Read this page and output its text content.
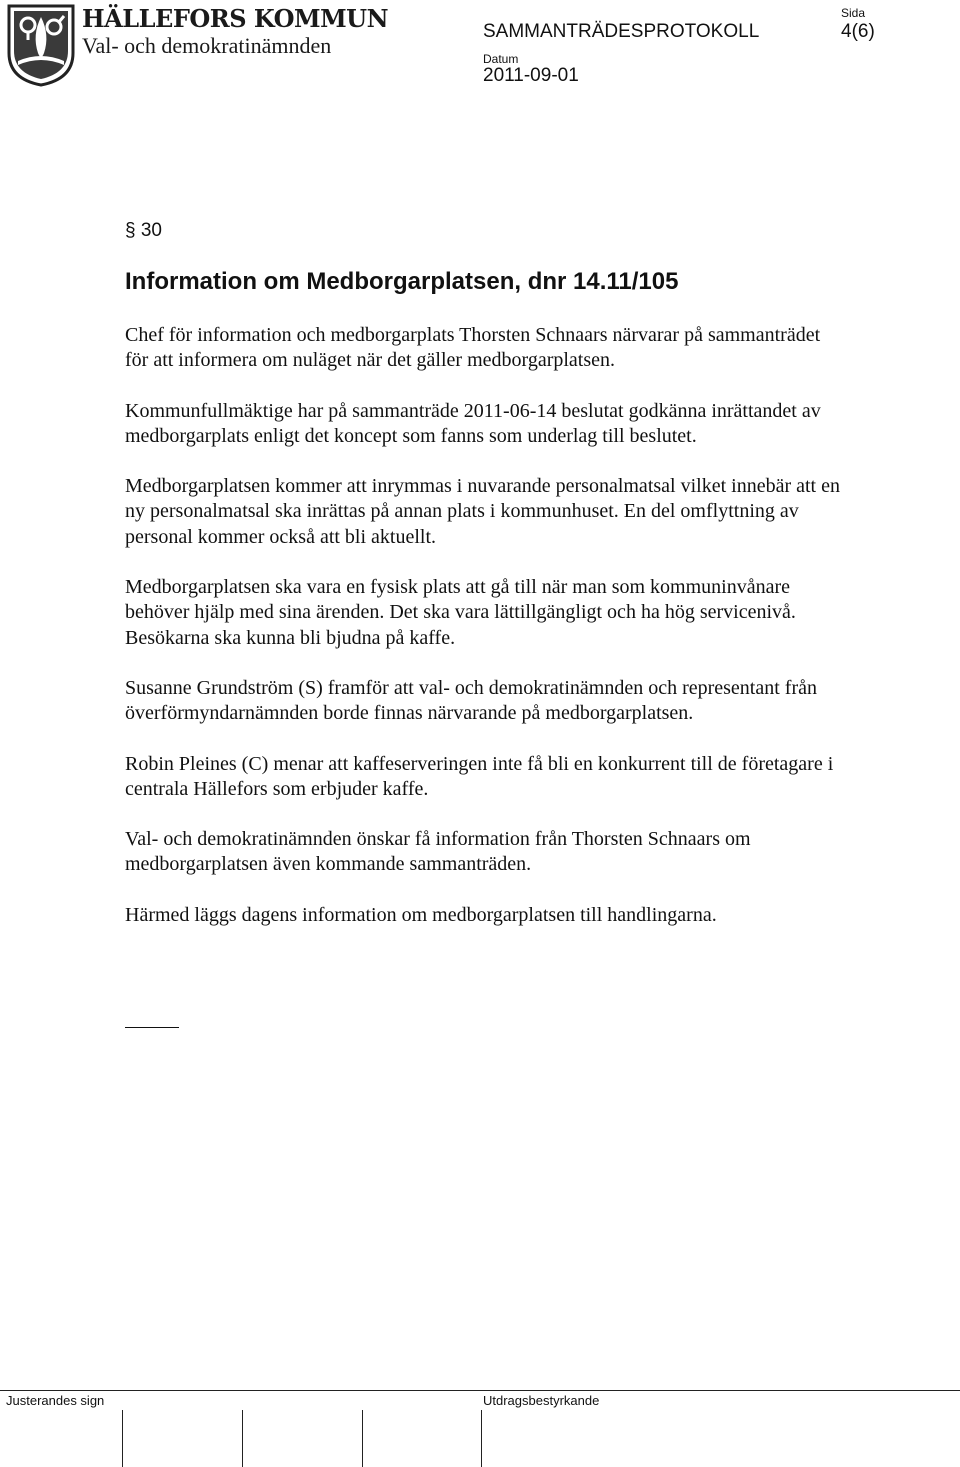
HÄLLEFORS KOMMUN
Val- och demokratinämnden
SAMMANTRÄDESPROTOKOLL
Datum
2011-09-01
Sida
4(6)
§ 30
Information om Medborgarplatsen, dnr 14.11/105

Chef för information och medborgarplats Thorsten Schnaars närvarar på sammanträdet för att informera om nuläget när det gäller medborgarplatsen.

Kommunfullmäktige har på sammanträde 2011-06-14 beslutat godkänna inrättandet av medborgarplats enligt det koncept som fanns som underlag till beslutet.

Medborgarplatsen kommer att inrymmas i nuvarande personalmatsal vilket innebär att en ny personalmatsal ska inrättas på annan plats i kommunhuset. En del omflyttning av personal kommer också att bli aktuellt.

Medborgarplatsen ska vara en fysisk plats att gå till när man som kommuninvånare behöver hjälp med sina ärenden. Det ska vara lättillgängligt och ha hög servicenivå. Besökarna ska kunna bli bjudna på kaffe.

Susanne Grundström (S) framför att val- och demokratinämnden och representant från överförmyndarnämnden borde finnas närvarande på medborgarplatsen.

Robin Pleines (C) menar att kaffeserveringen inte få bli en konkurrent till de företagare i centrala Hällefors som erbjuder kaffe.

Val- och demokratinämnden önskar få information från Thorsten Schnaars om medborgarplatsen även kommande sammanträden.

Härmed läggs dagens information om medborgarplatsen till handlingarna.

Justerandes sign	Utdragsbestyrkande
